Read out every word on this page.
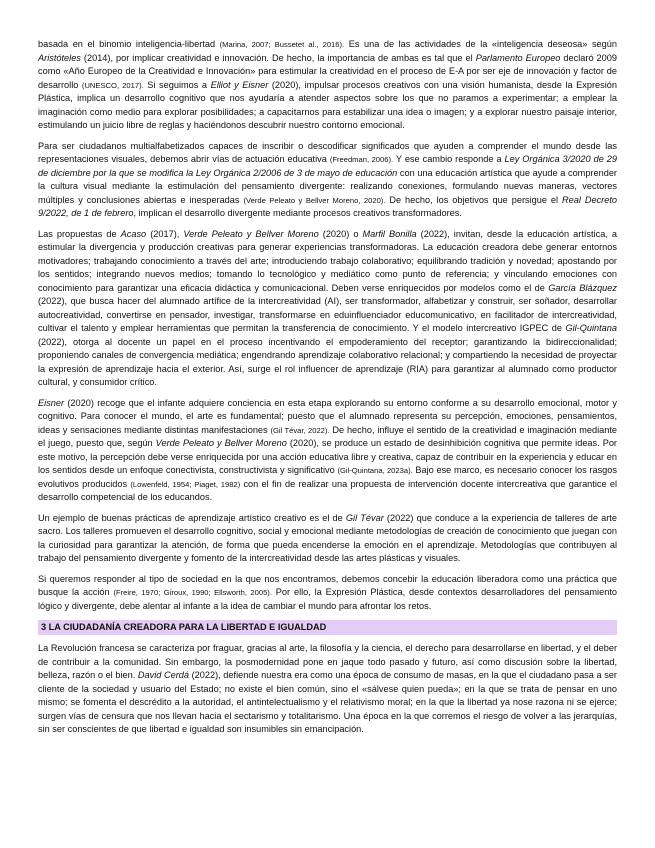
basada en el binomio inteligencia-libertad (Marina, 2007; Bussetet al., 2016). Es una de las actividades de la «inteligencia deseosa» según Aristóteles (2014), por implicar creatividad e innovación. De hecho, la importancia de ambas es tal que el Parlamento Europeo declaró 2009 como «Año Europeo de la Creatividad e Innovación» para estimular la creatividad en el proceso de E-A por ser eje de innovación y factor de desarrollo (UNESCO, 2017). Si seguimos a Elliot y Eisner (2020), impulsar procesos creativos con una visión humanista, desde la Expresión Plástica, implica un desarrollo cognitivo que nos ayudaría a atender aspectos sobre los que no paramos a experimentar; a emplear la imaginación como medio para explorar posibilidades; a capacitarnos para estabilizar una idea o imagen; y a explorar nuestro paisaje interior, estimulando un juicio libre de reglas y haciéndonos descubrir nuestro contorno emocional.

Para ser ciudadanos multialfabetizados capaces de inscribir o descodificar significados que ayuden a comprender el mundo desde las representaciones visuales, debemos abrir vías de actuación educativa (Freedman, 2006). Y ese cambio responde a Ley Orgánica 3/2020 de 29 de diciembre por la que se modifica la Ley Orgánica 2/2006 de 3 de mayo de educación con una educación artística que ayude a comprender la cultura visual mediante la estimulación del pensamiento divergente: realizando conexiones, formulando nuevas maneras, vectores múltiples y conclusiones abiertas e inesperadas (Verde Peleato y Bellver Moreno, 2020). De hecho, los objetivos que persigue el Real Decreto 9/2022, de 1 de febrero, implican el desarrollo divergente mediante procesos creativos transformadores.

Las propuestas de Acaso (2017), Verde Peleato y Bellver Moreno (2020) o Marfil Bonilla (2022), invitan, desde la educación artística, a estimular la divergencia y producción creativas para generar experiencias transformadoras. La educación creadora debe generar entornos motivadores; trabajando conocimiento a través del arte; introduciendo trabajo colaborativo; equilibrando tradición y novedad; apostando por los sentidos; integrando nuevos medios; tomando lo tecnológico y mediático como punto de referencia; y vinculando emociones con conocimiento para garantizar una eficacia didáctica y comunicacional. Deben verse enriquecidos por modelos como el de García Blázquez (2022), que busca hacer del alumnado artífice de la intercreatividad (AI), ser transformador, alfabetizar y construir, ser soñador, desarrollar autocreatividad, convertirse en pensador, investigar, transformarse en eduinfluenciador educomunicativo, en facilitador de intercreatividad, cultivar el talento y emplear herramientas que permitan la transferencia de conocimiento. Y el modelo intercreativo IGPEC de Gil-Quintana (2022), otorga al docente un papel en el proceso incentivando el empoderamiento del receptor; garantizando la bidireccionalidad; proponiendo canales de convergencia mediática; engendrando aprendizaje colaborativo relacional; y compartiendo la necesidad de proyectar la expresión de aprendizaje hacia el exterior. Así, surge el rol influencer de aprendizaje (RIA) para garantizar al alumnado como productor cultural, y consumidor crítico.

Eisner (2020) recoge que el infante adquiere conciencia en esta etapa explorando su entorno conforme a su desarrollo emocional, motor y cognitivo. Para conocer el mundo, el arte es fundamental; puesto que el alumnado representa su percepción, emociones, pensamientos, ideas y sensaciones mediante distintas manifestaciones (Gil Tévar, 2022). De hecho, influye el sentido de la creatividad e imaginación mediante el juego, puesto que, según Verde Peleato y Bellver Moreno (2020), se produce un estado de desinhibición cognitiva que permite ideas. Por este motivo, la percepción debe verse enriquecida por una acción educativa libre y creativa, capaz de contribuir en la experiencia y educar en los sentidos desde un enfoque conectivista, constructivista y significativo (Gil-Quintana, 2023a). Bajo ese marco, es necesario conocer los rasgos evolutivos producidos (Lowenfeld, 1954; Piaget, 1982) con el fin de realizar una propuesta de intervención docente intercreativa que garantice el desarrollo competencial de los educandos.

Un ejemplo de buenas prácticas de aprendizaje artístico creativo es el de Gil Tévar (2022) que conduce a la experiencia de talleres de arte sacro. Los talleres promueven el desarrollo cognitivo, social y emocional mediante metodologías de creación de conocimiento que juegan con la curiosidad para garantizar la atención, de forma que pueda encenderse la emoción en el aprendizaje. Metodologías que contribuyen al trabajo del pensamiento divergente y fomento de la intercreatividad desde las artes plásticas y visuales.

Si queremos responder al tipo de sociedad en la que nos encontramos, debemos concebir la educación liberadora como una práctica que busque la acción (Freire, 1970; Giroux, 1990; Ellsworth, 2005). Por ello, la Expresión Plástica, desde contextos desarrolladores del pensamiento lógico y divergente, debe alentar al infante a la idea de cambiar el mundo para afrontar los retos.

3 LA CIUDADANÍA CREADORA PARA LA LIBERTAD E IGUALDAD

La Revolución francesa se caracteriza por fraguar, gracias al arte, la filosofía y la ciencia, el derecho para desarrollarse en libertad, y el deber de contribuir a la comunidad. Sin embargo, la posmodernidad pone en jaque todo pasado y futuro, así como discusión sobre la libertad, belleza, razón o el bien. David Cerdá (2022), defiende nuestra era como una época de consumo de masas, en la que el ciudadano pasa a ser cliente de la sociedad y usuario del Estado; no existe el bien común, sino el «sálvese quien pueda»; en la que se trata de pensar en uno mismo; se fomenta el descrédito a la autoridad, el antintelectualismo y el relativismo moral; en la que la libertad ya nose razona ni se ejerce; surgen vías de censura que nos llevan hacia el sectarismo y totalitarismo. Una época en la que corremos el riesgo de volver a las jerarquías, sin ser conscientes de que libertad e igualdad son insumibles sin emancipación.
